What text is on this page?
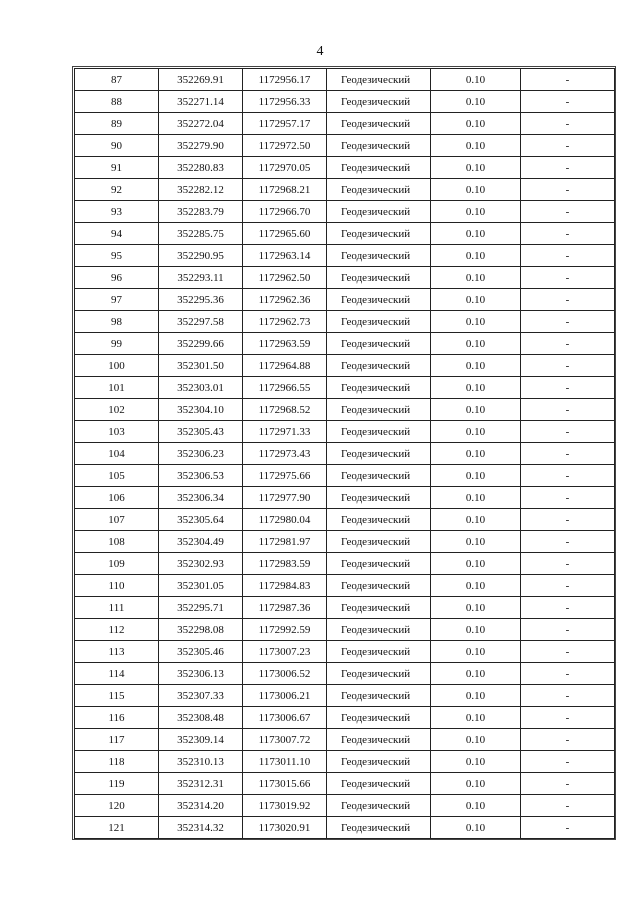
4
87	352269.91	1172956.17	Геодезический	0.10	-
88	352271.14	1172956.33	Геодезический	0.10	-
89	352272.04	1172957.17	Геодезический	0.10	-
90	352279.90	1172972.50	Геодезический	0.10	-
91	352280.83	1172970.05	Геодезический	0.10	-
92	352282.12	1172968.21	Геодезический	0.10	-
93	352283.79	1172966.70	Геодезический	0.10	-
94	352285.75	1172965.60	Геодезический	0.10	-
95	352290.95	1172963.14	Геодезический	0.10	-
96	352293.11	1172962.50	Геодезический	0.10	-
97	352295.36	1172962.36	Геодезический	0.10	-
98	352297.58	1172962.73	Геодезический	0.10	-
99	352299.66	1172963.59	Геодезический	0.10	-
100	352301.50	1172964.88	Геодезический	0.10	-
101	352303.01	1172966.55	Геодезический	0.10	-
102	352304.10	1172968.52	Геодезический	0.10	-
103	352305.43	1172971.33	Геодезический	0.10	-
104	352306.23	1172973.43	Геодезический	0.10	-
105	352306.53	1172975.66	Геодезический	0.10	-
106	352306.34	1172977.90	Геодезический	0.10	-
107	352305.64	1172980.04	Геодезический	0.10	-
108	352304.49	1172981.97	Геодезический	0.10	-
109	352302.93	1172983.59	Геодезический	0.10	-
110	352301.05	1172984.83	Геодезический	0.10	-
111	352295.71	1172987.36	Геодезический	0.10	-
112	352298.08	1172992.59	Геодезический	0.10	-
113	352305.46	1173007.23	Геодезический	0.10	-
114	352306.13	1173006.52	Геодезический	0.10	-
115	352307.33	1173006.21	Геодезический	0.10	-
116	352308.48	1173006.67	Геодезический	0.10	-
117	352309.14	1173007.72	Геодезический	0.10	-
118	352310.13	1173011.10	Геодезический	0.10	-
119	352312.31	1173015.66	Геодезический	0.10	-
120	352314.20	1173019.92	Геодезический	0.10	-
121	352314.32	1173020.91	Геодезический	0.10	-
